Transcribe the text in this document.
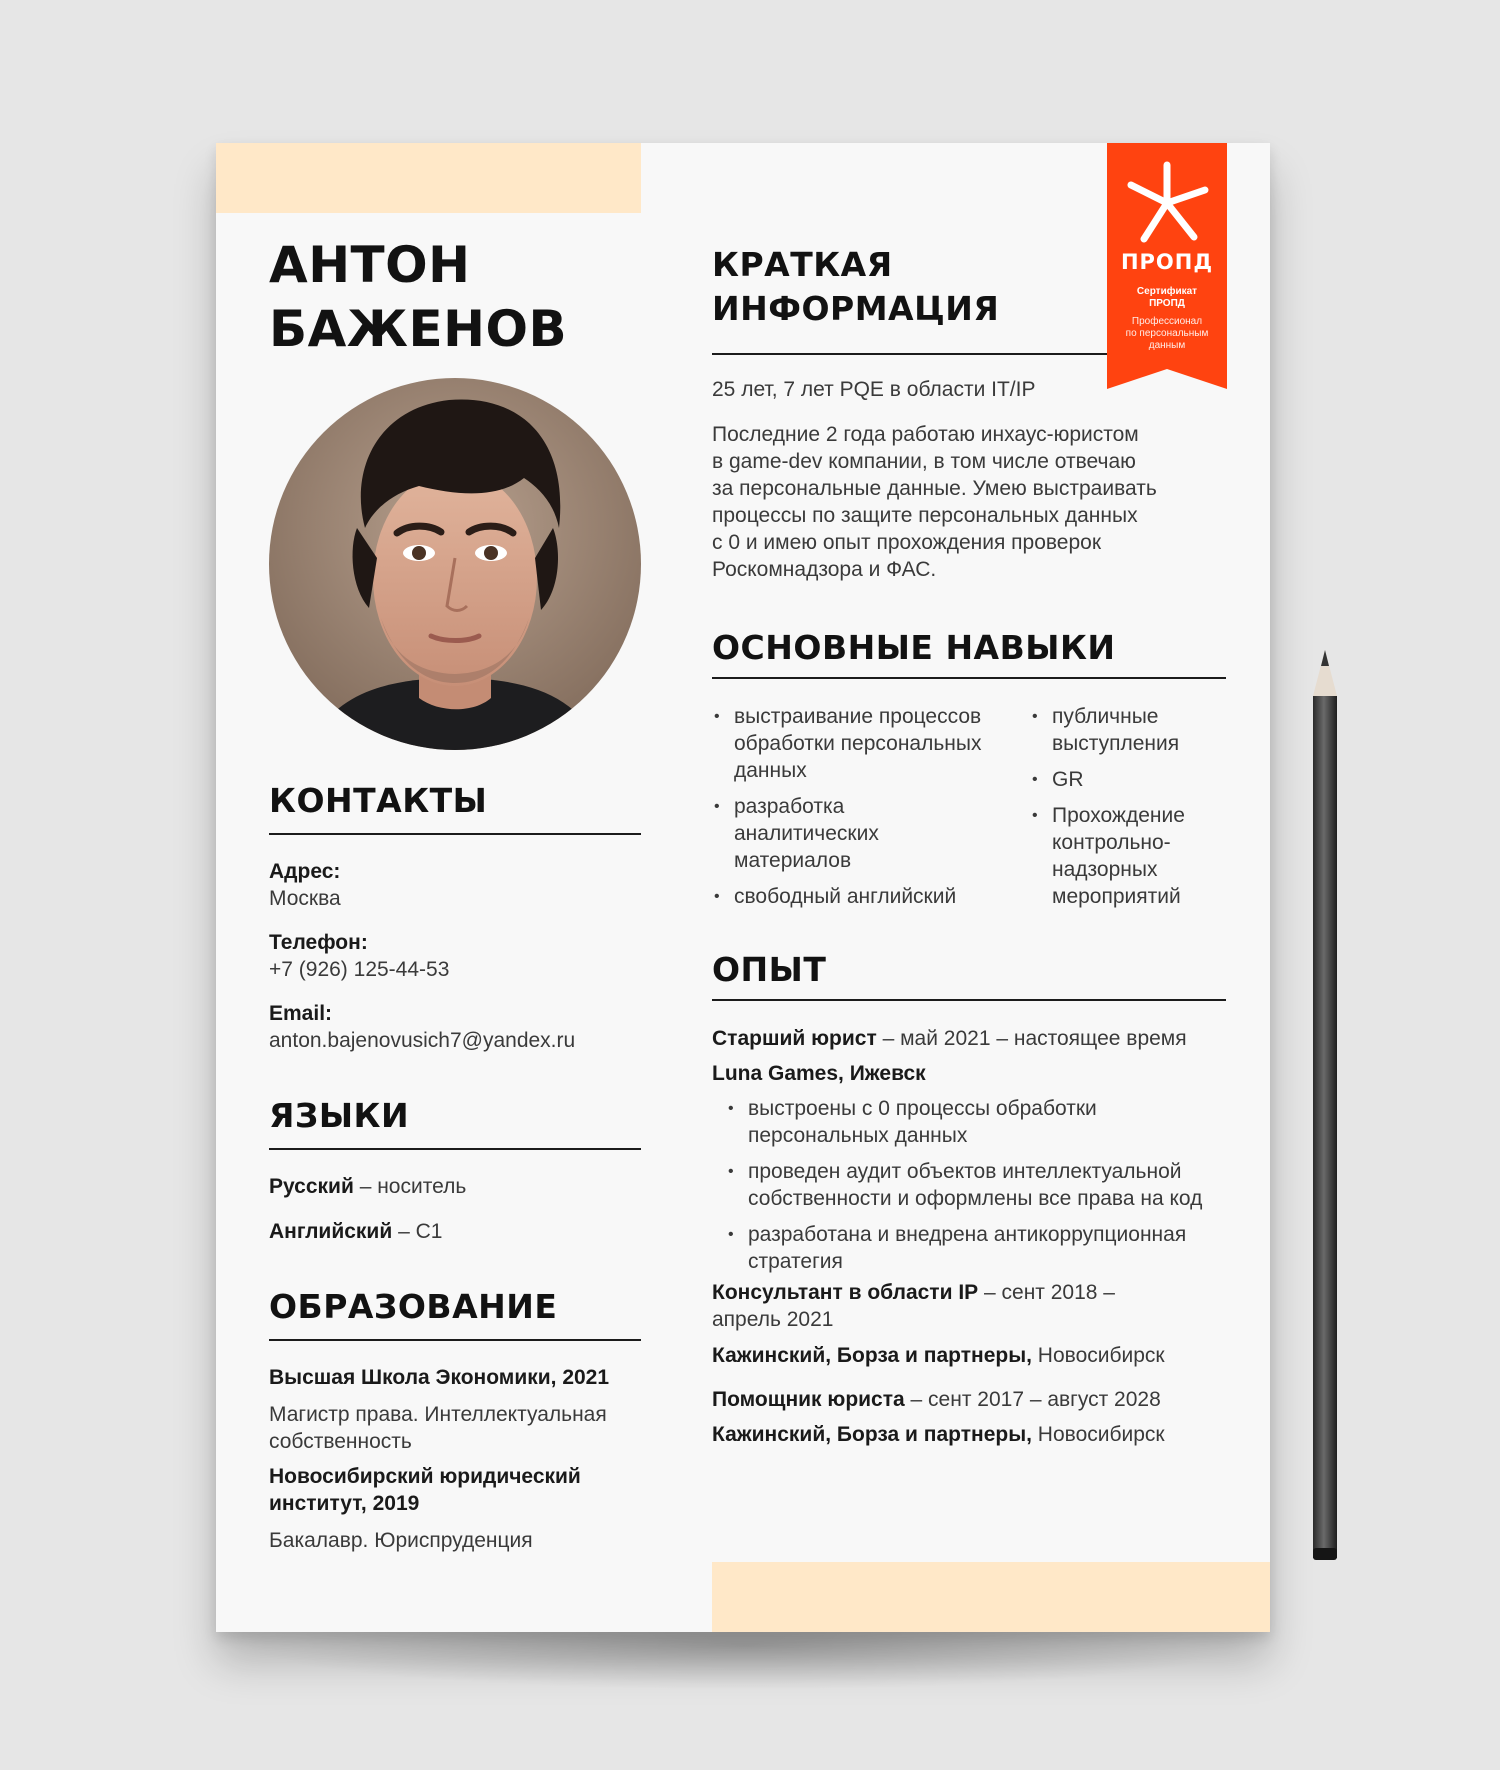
АНТОН
БАЖЕНОВ
КОНТАКТЫ
Адрес:
Москва
Телефон:
+7 (926) 125-44-53
Email:
anton.bajenovusich7@yandex.ru
ЯЗЫКИ
Русский – носитель
Английский – С1
ОБРАЗОВАНИЕ
Высшая Школа Экономики, 2021
Магистр права. Интеллектуальная собственность
Новосибирский юридический институт, 2019
Бакалавр. Юриспруденция
КРАТКАЯ
ИНФОРМАЦИЯ
25 лет, 7 лет PQE в области IT/IP
Последние 2 года работаю инхаус-юристом
в game-dev компании, в том числе отвечаю
за персональные данные. Умею выстраивать
процессы по защите персональных данных
с 0 и имею опыт прохождения проверок
Роскомнадзора и ФАС.
ОСНОВНЫЕ НАВЫКИ
• выстраивание процессов обработки персональных данных
• разработка аналитических материалов
• свободный английский
• публичные выступления
• GR
• Прохождение контрольно-надзорных мероприятий
ОПЫТ
Старший юрист – май 2021 – настоящее время
Luna Games, Ижевск
• выстроены с 0 процессы обработки персональных данных
• проведен аудит объектов интеллектуальной собственности и оформлены все права на код
• разработана и внедрена антикоррупционная стратегия
Консультант в области IP – сент 2018 – апрель 2021
Кажинский, Борза и партнеры, Новосибирск
Помощник юриста – сент 2017 – август 2028
Кажинский, Борза и партнеры, Новосибирск
ПРОПД
Сертификат
ПРОПД
Профессионал
по персональным
данным
